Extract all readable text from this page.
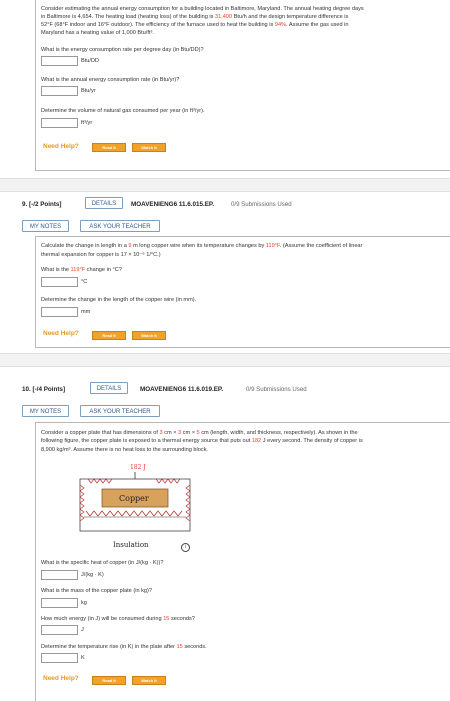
Consider estimating the annual energy consumption for a building located in Baltimore, Maryland. The annual heating degree days
in Baltimore is 4,654. The heating load (heating loss) of the building is 31,400 Btu/h and the design temperature difference is
52°F (68°F indoor and 16°F outdoor). The efficiency of the furnace used to heat the building is 94%. Assume the gas used in
Maryland has a heating value of 1,000 Btu/ft³.
What is the energy consumption rate per degree day (in Btu/DD)?
Btu/DD
What is the annual energy consumption rate (in Btu/yr)?
Btu/yr
Determine the volume of natural gas consumed per year (in ft³/yr).
ft³/yr
Need Help?	Read It	Watch It
9. [-/2 Points]	DETAILS	MOAVENIENG6 11.6.015.EP.	0/9 Submissions Used
MY NOTES	ASK YOUR TEACHER
Calculate the change in length in a 9 m long copper wire when its temperature changes by 119°F. (Assume the coefficient of linear
thermal expansion for copper is 17 × 10⁻⁶ 1/°C.)
What is the 119°F change in °C?
°C
Determine the change in the length of the copper wire (in mm).
mm
Need Help?	Read It	Watch It
10. [-/4 Points]	DETAILS	MOAVENIENG6 11.6.019.EP.	0/9 Submissions Used
MY NOTES	ASK YOUR TEACHER
Consider a copper plate that has dimensions of 3 cm × 3 cm × 5 cm (length, width, and thickness, respectively). As shown in the
following figure, the copper plate is exposed to a thermal energy source that puts out 182 J every second. The density of copper is
8,900 kg/m³. Assume there is no heat loss to the surrounding block.
182 J
Copper
Insulation	i
What is the specific heat of copper (in J/(kg · K))?
J/(kg · K)
What is the mass of the copper plate (in kg)?
kg
How much energy (in J) will be consumed during 15 seconds?
J
Determine the temperature rise (in K) in the plate after 15 seconds.
K
Need Help?	Read It	Watch It
